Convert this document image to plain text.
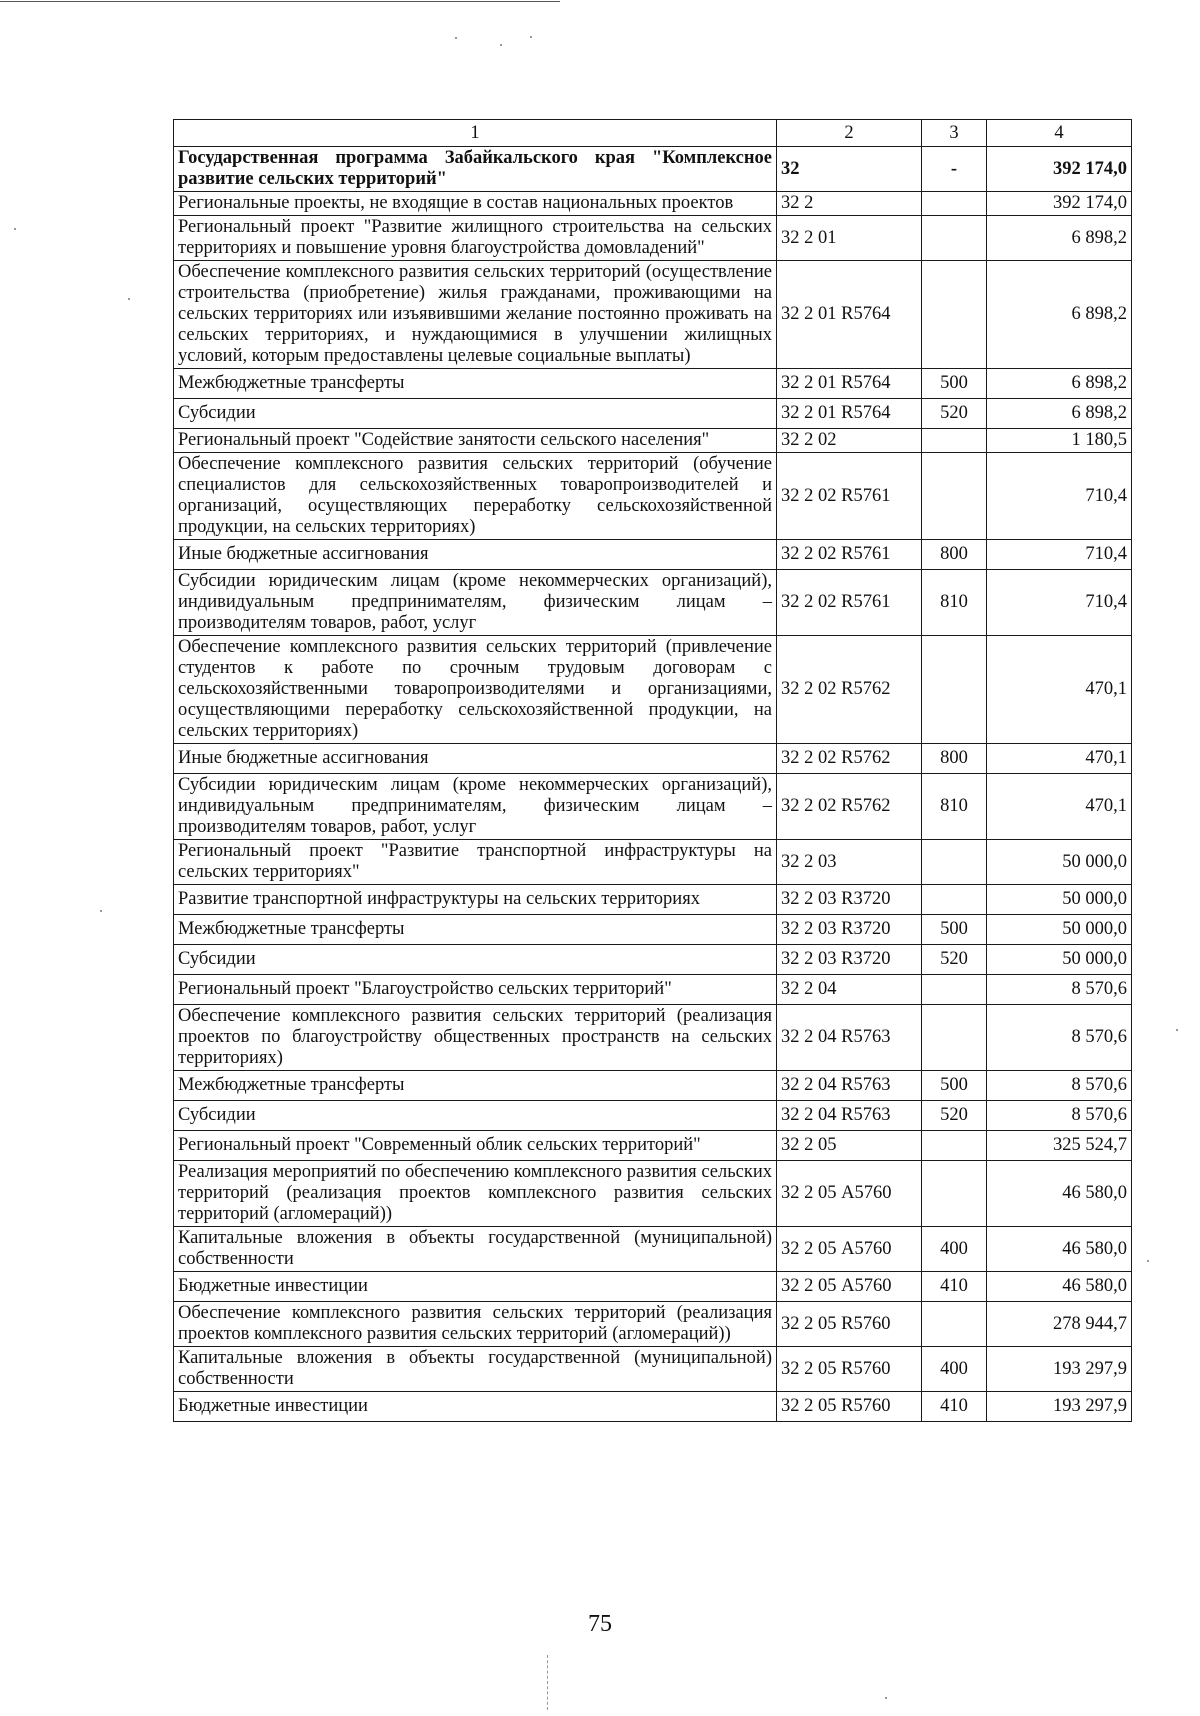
1	2	3	4
Государственная программа Забайкальского края "Комплексное развитие сельских территорий"	32	-	392 174,0
Региональные проекты, не входящие в состав национальных проектов	32 2		392 174,0
Региональный проект "Развитие жилищного строительства на сельских территориях и повышение уровня благоустройства домовладений"	32 2 01		6 898,2
Обеспечение комплексного развития сельских территорий (осуществление строительства (приобретение) жилья гражданами, проживающими на сельских территориях или изъявившими желание постоянно проживать на сельских территориях, и нуждающимися в улучшении жилищных условий, которым предоставлены целевые социальные выплаты)	32 2 01 R5764		6 898,2
Межбюджетные трансферты	32 2 01 R5764	500	6 898,2
Субсидии	32 2 01 R5764	520	6 898,2
Региональный проект "Содействие занятости сельского населения"	32 2 02		1 180,5
Обеспечение комплексного развития сельских территорий (обучение специалистов для сельскохозяйственных товаропроизводителей и организаций, осуществляющих переработку сельскохозяйственной продукции, на сельских территориях)	32 2 02 R5761		710,4
Иные бюджетные ассигнования	32 2 02 R5761	800	710,4
Субсидии юридическим лицам (кроме некоммерческих организаций), индивидуальным предпринимателям, физическим лицам – производителям товаров, работ, услуг	32 2 02 R5761	810	710,4
Обеспечение комплексного развития сельских территорий (привлечение студентов к работе по срочным трудовым договорам с сельскохозяйственными товаропроизводителями и организациями, осуществляющими переработку сельскохозяйственной продукции, на сельских территориях)	32 2 02 R5762		470,1
Иные бюджетные ассигнования	32 2 02 R5762	800	470,1
Субсидии юридическим лицам (кроме некоммерческих организаций), индивидуальным предпринимателям, физическим лицам – производителям товаров, работ, услуг	32 2 02 R5762	810	470,1
Региональный проект "Развитие транспортной инфраструктуры на сельских территориях"	32 2 03		50 000,0
Развитие транспортной инфраструктуры на сельских территориях	32 2 03 R3720		50 000,0
Межбюджетные трансферты	32 2 03 R3720	500	50 000,0
Субсидии	32 2 03 R3720	520	50 000,0
Региональный проект "Благоустройство сельских территорий"	32 2 04		8 570,6
Обеспечение комплексного развития сельских территорий (реализация проектов по благоустройству общественных пространств на сельских территориях)	32 2 04 R5763		8 570,6
Межбюджетные трансферты	32 2 04 R5763	500	8 570,6
Субсидии	32 2 04 R5763	520	8 570,6
Региональный проект "Современный облик сельских территорий"	32 2 05		325 524,7
Реализация мероприятий по обеспечению комплексного развития сельских территорий (реализация проектов комплексного развития сельских территорий (агломераций))	32 2 05 А5760		46 580,0
Капитальные вложения в объекты государственной (муниципальной) собственности	32 2 05 А5760	400	46 580,0
Бюджетные инвестиции	32 2 05 А5760	410	46 580,0
Обеспечение комплексного развития сельских территорий (реализация проектов комплексного развития сельских территорий (агломераций))	32 2 05 R5760		278 944,7
Капитальные вложения в объекты государственной (муниципальной) собственности	32 2 05 R5760	400	193 297,9
Бюджетные инвестиции	32 2 05 R5760	410	193 297,9
75
